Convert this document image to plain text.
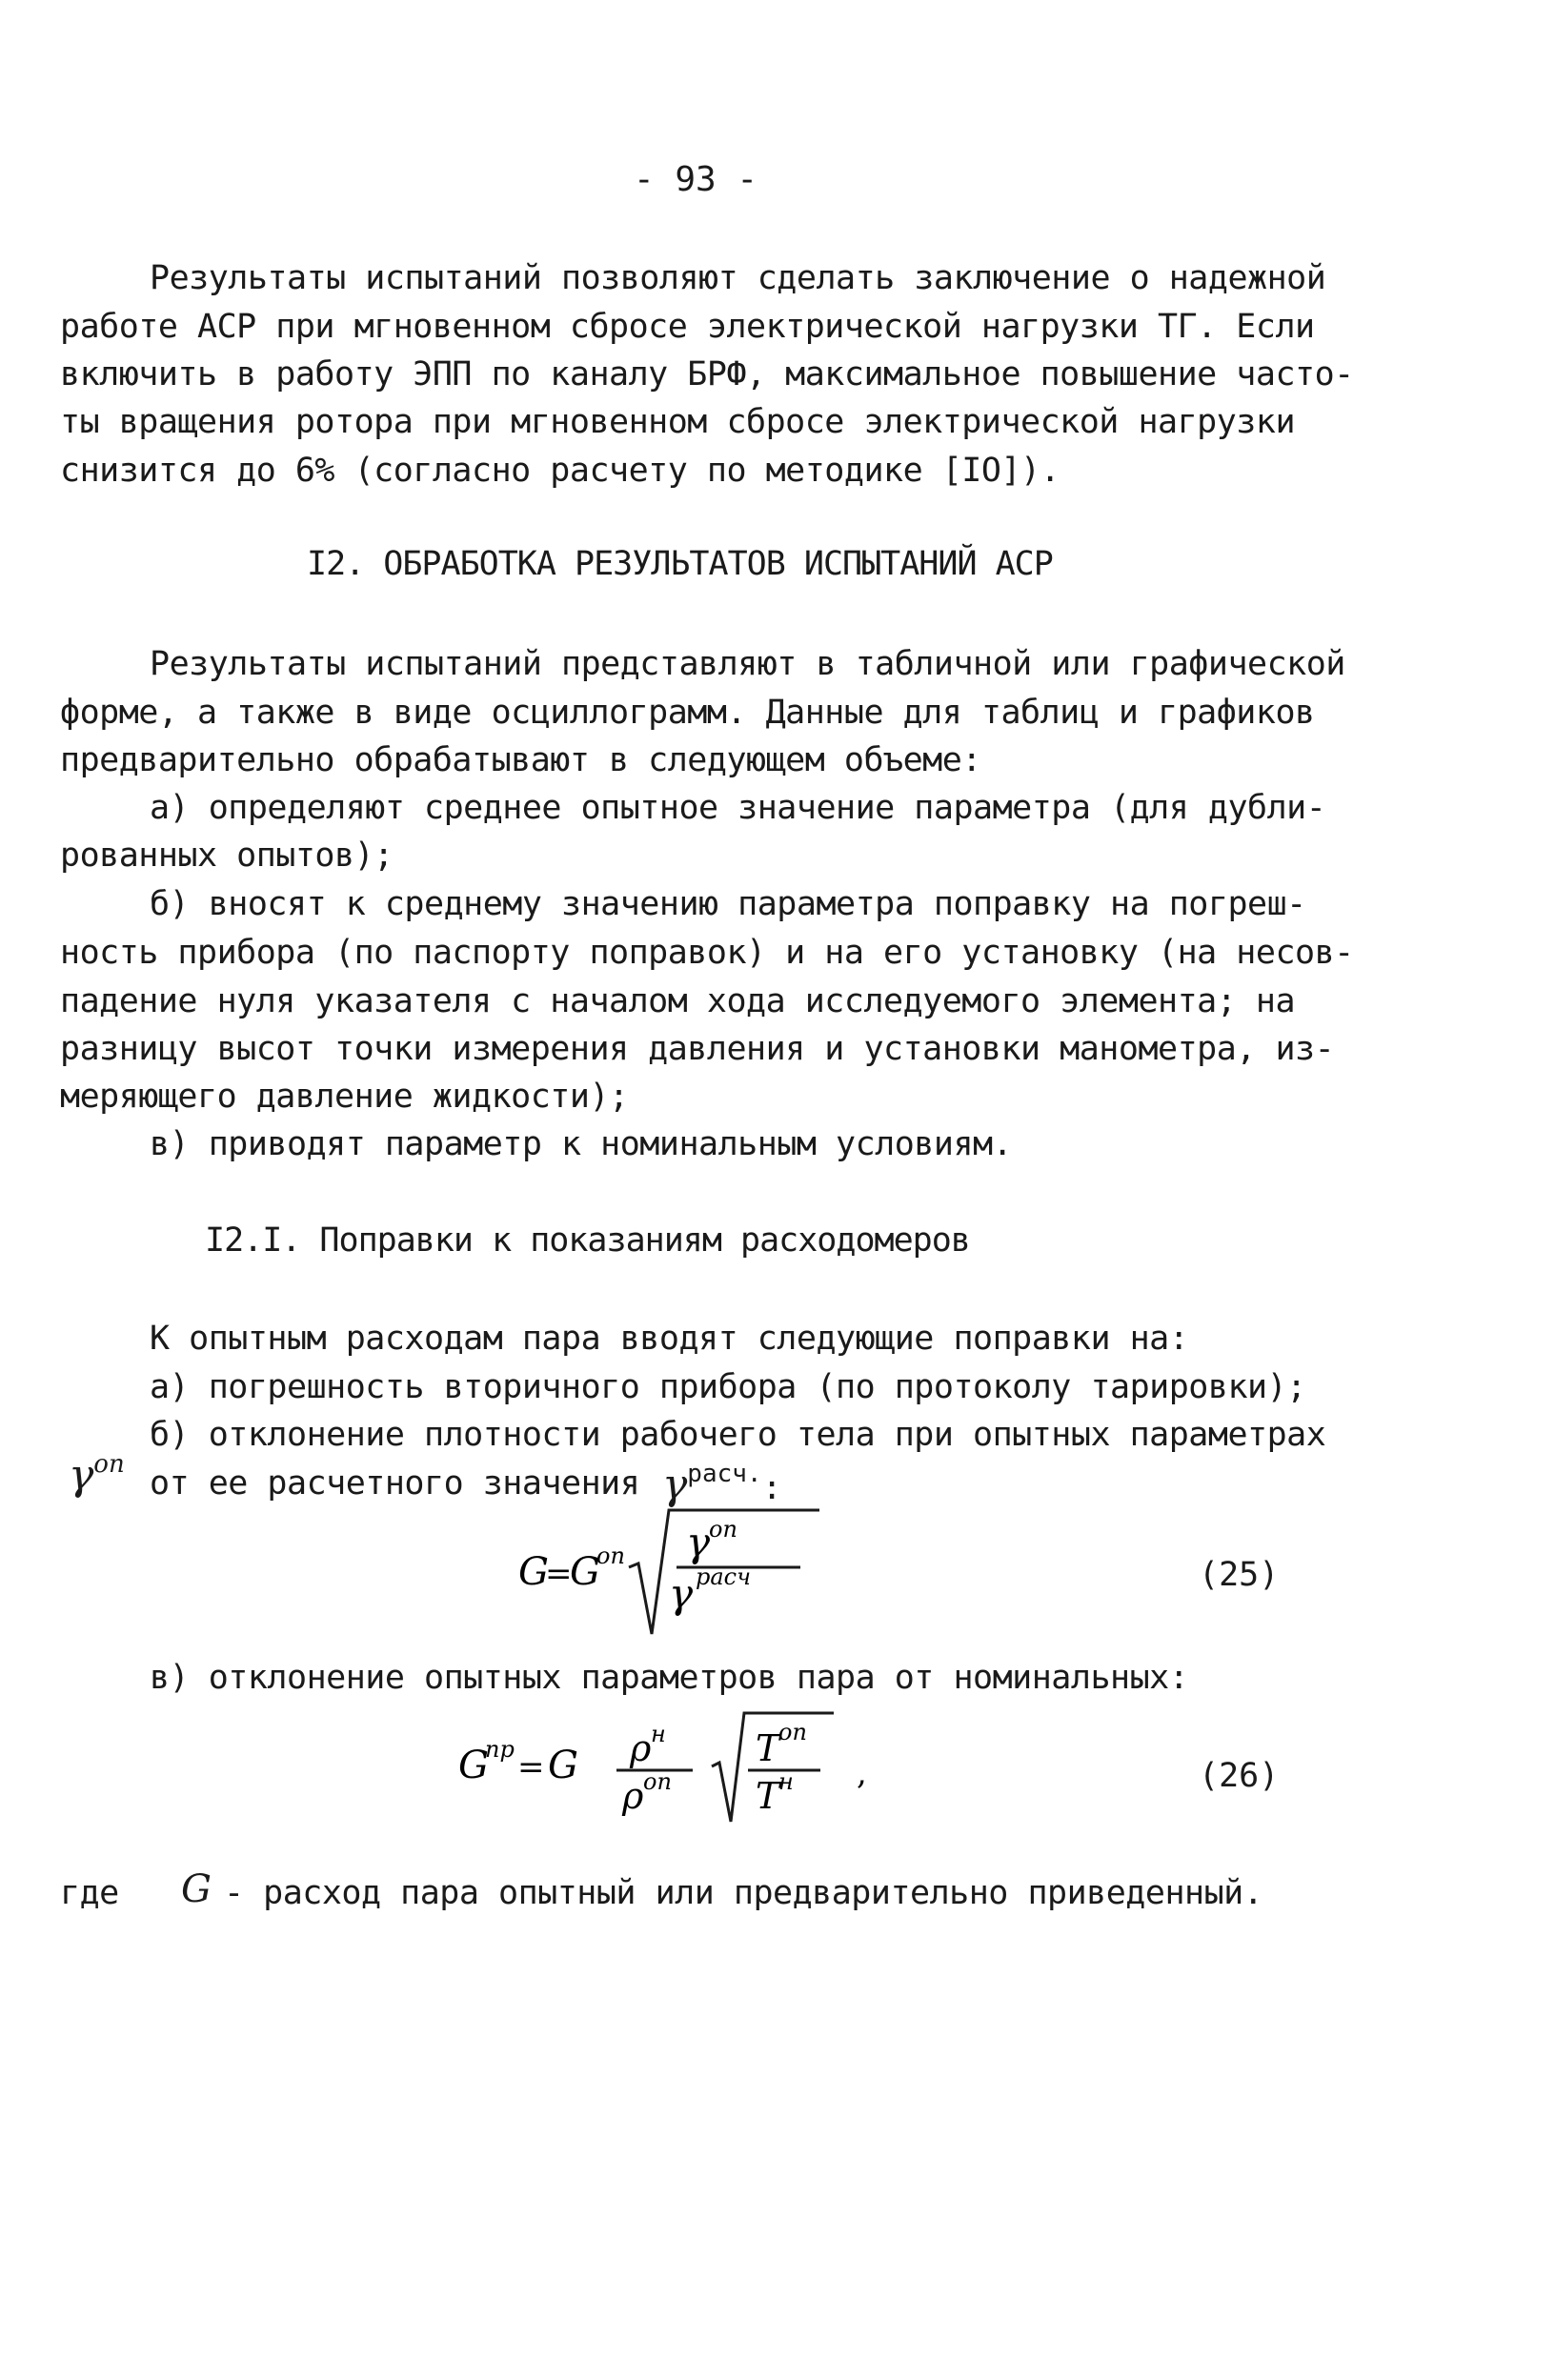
- 93 -
Результаты испытаний позволяют сделать заключение о надежной
работе АСР при мгновенном сбросе электрической нагрузки ТГ. Если
включить в работу ЭПП по каналу БРФ, максимальное повышение часто-
ты вращения ротора при мгновенном сбросе электрической нагрузки
снизится до 6% (согласно расчету по методике [IO]).
I2. ОБРАБОТКА РЕЗУЛЬТАТОВ ИСПЫТАНИЙ АСР
Результаты испытаний представляют в табличной или графической
форме, а также в виде осциллограмм. Данные для таблиц и графиков
предварительно обрабатывают в следующем объеме:
а) определяют среднее опытное значение параметра (для дубли-
рованных опытов);
б) вносят к среднему значению параметра поправку на погреш-
ность прибора (по паспорту поправок) и на его установку (на несов-
падение нуля указателя с началом хода исследуемого элемента; на
разницу высот точки измерения давления и установки манометра, из-
меряющего давление жидкости);
в) приводят параметр к номинальным условиям.
I2.I. Поправки к показаниям расходомеров
К опытным расходам пара вводят следующие поправки на:
а) погрешность вторичного прибора (по протоколу тарировки);
б) отклонение плотности рабочего тела при опытных параметрах
от ее расчетного значения $\gamma^{расч.}$:
$\gamma^{оп}$
G
=
G
оп γ
оп
γ расч	(25)
в) отклонение опытных параметров пара от номинальных:
G
пр = G ρ н
ρ оп
T
оп
T
н ,	(26)
где G - расход пара опытный или предварительно приведенный.
